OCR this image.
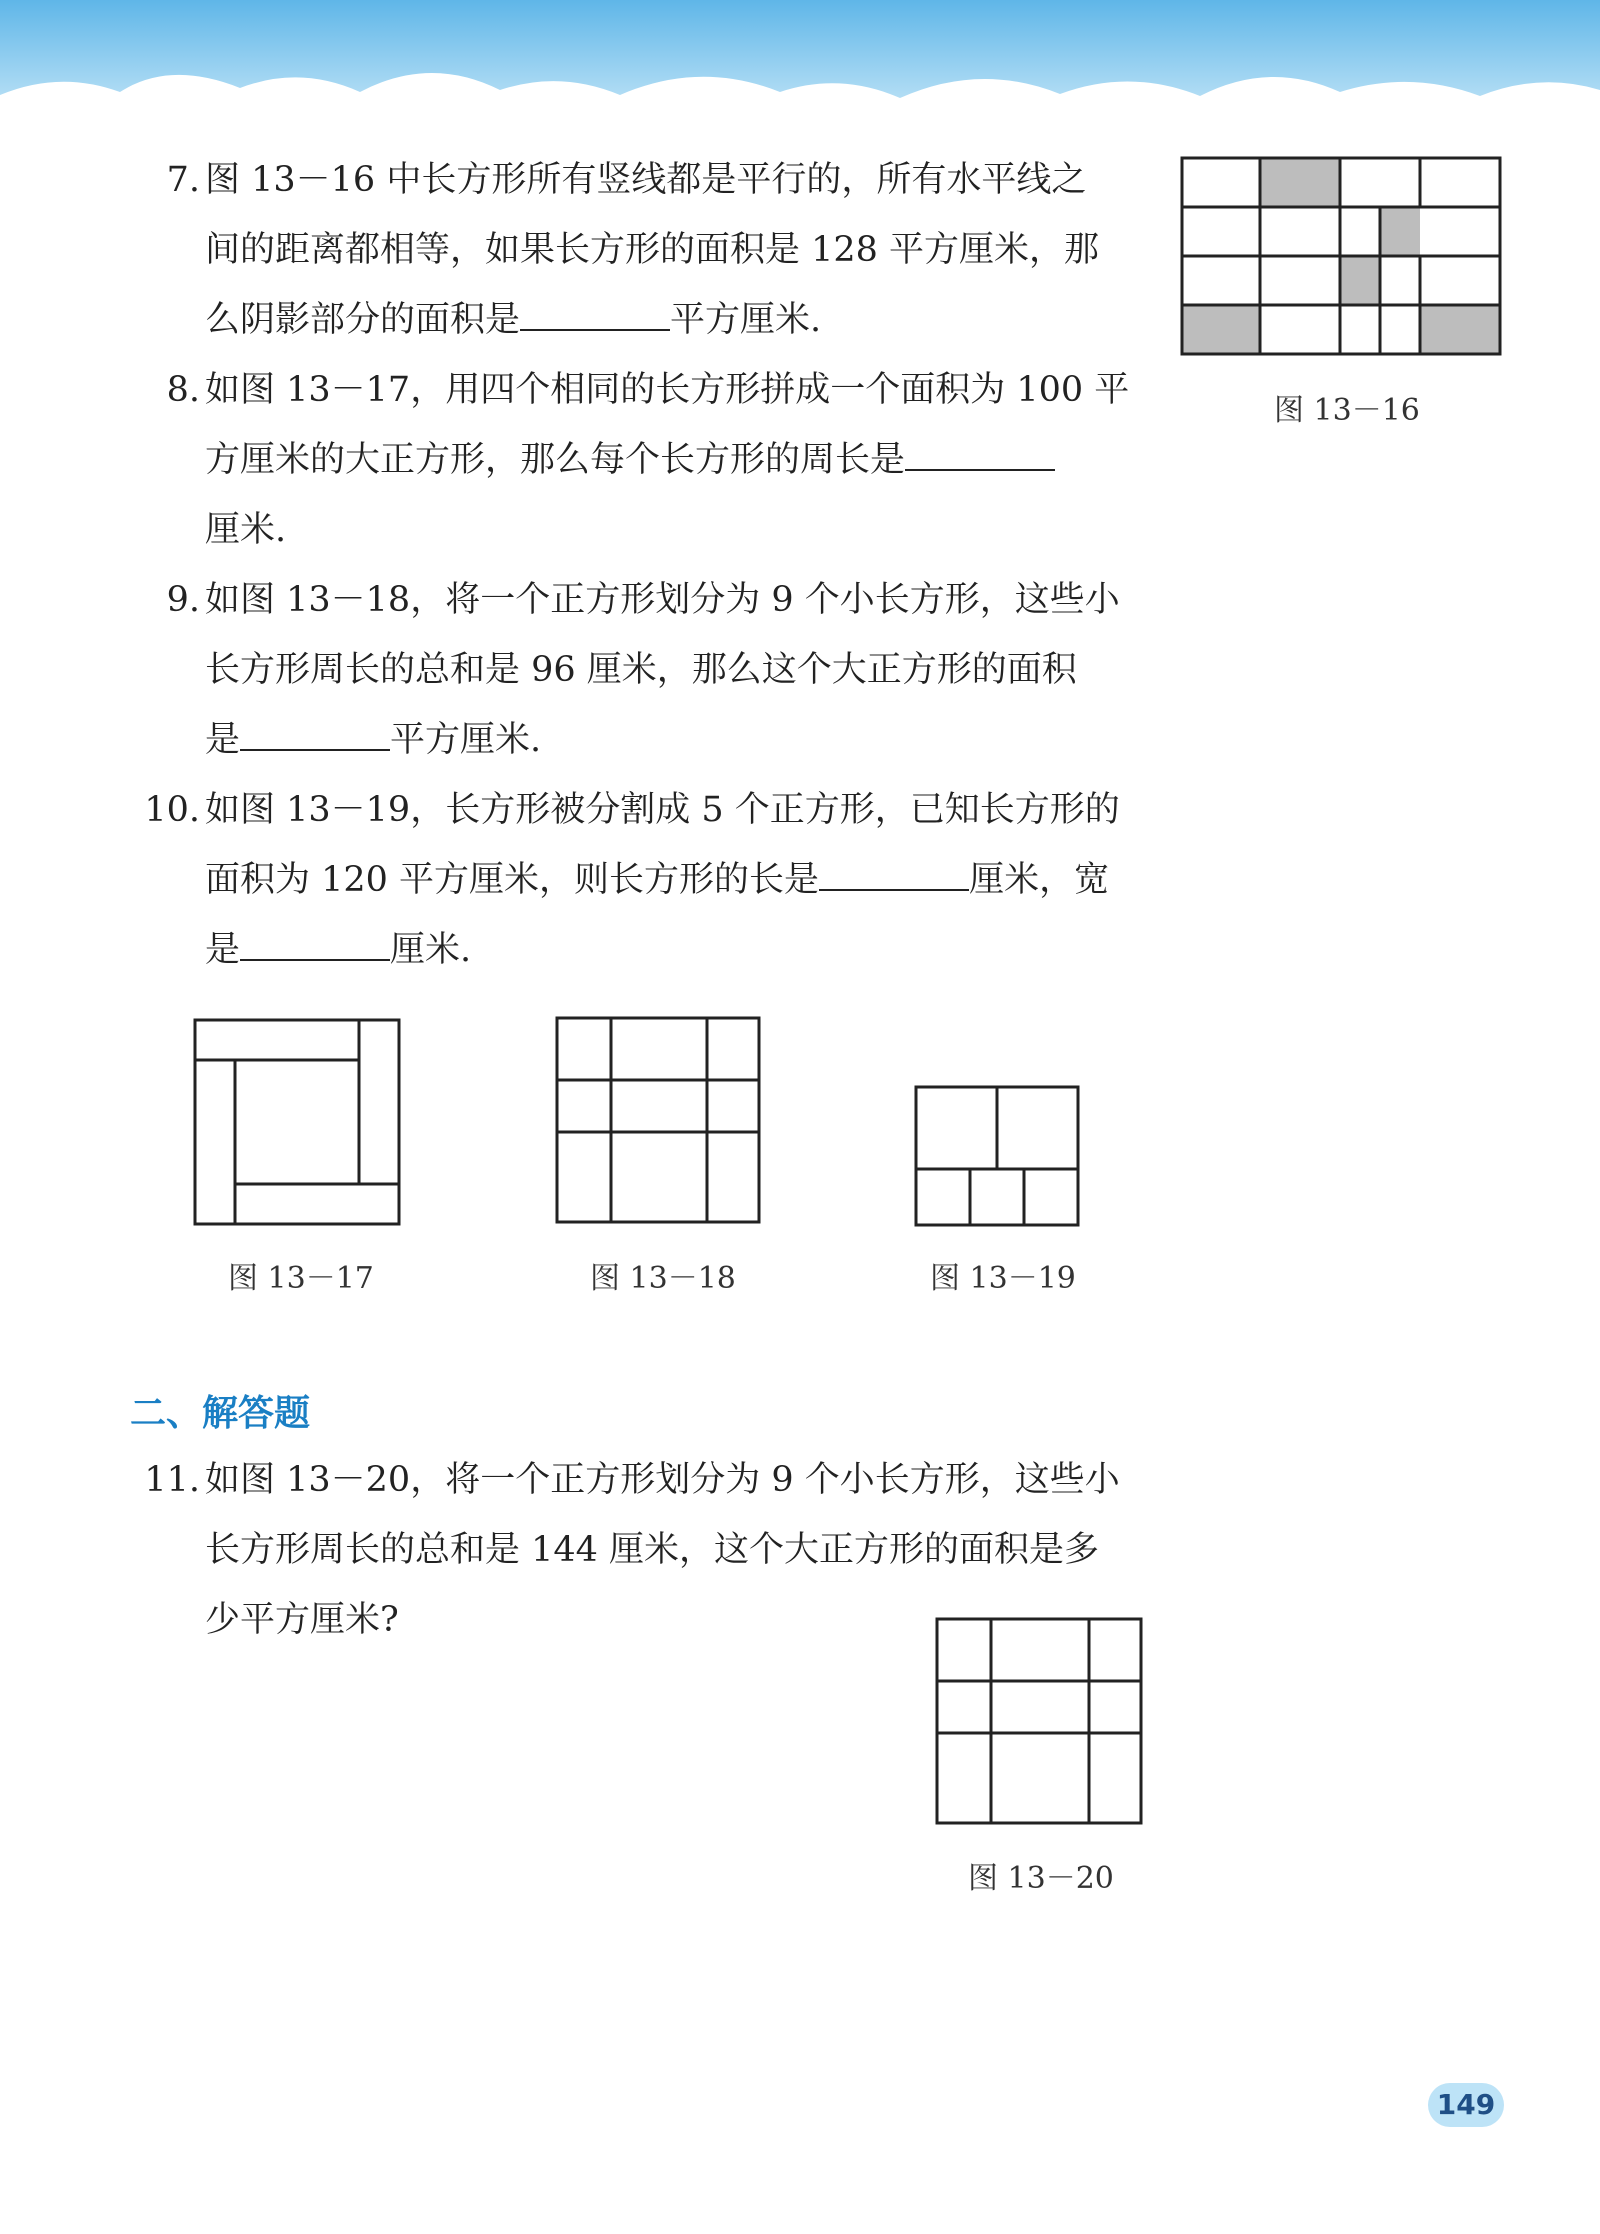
7. 图 13－16 中长方形所有竖线都是平行的，所有水平线之
间的距离都相等，如果长方形的面积是 128 平方厘米，那
么阴影部分的面积是	平方厘米.
图 13－16
8. 如图 13－17，用四个相同的长方形拼成一个面积为 100 平
方厘米的大正方形，那么每个长方形的周长是
厘米.
9. 如图 13－18，将一个正方形划分为 9 个小长方形，这些小
长方形周长的总和是 96 厘米，那么这个大正方形的面积
是	平方厘米.
10. 如图 13－19，长方形被分割成 5 个正方形，已知长方形的
面积为 120 平方厘米，则长方形的长是	厘米，宽
是	厘米.
图 13－17	图 13－18	图 13－19
二、解答题
11. 如图 13－20，将一个正方形划分为 9 个小长方形，这些小
长方形周长的总和是 144 厘米，这个大正方形的面积是多
少平方厘米?
图 13－20
149
